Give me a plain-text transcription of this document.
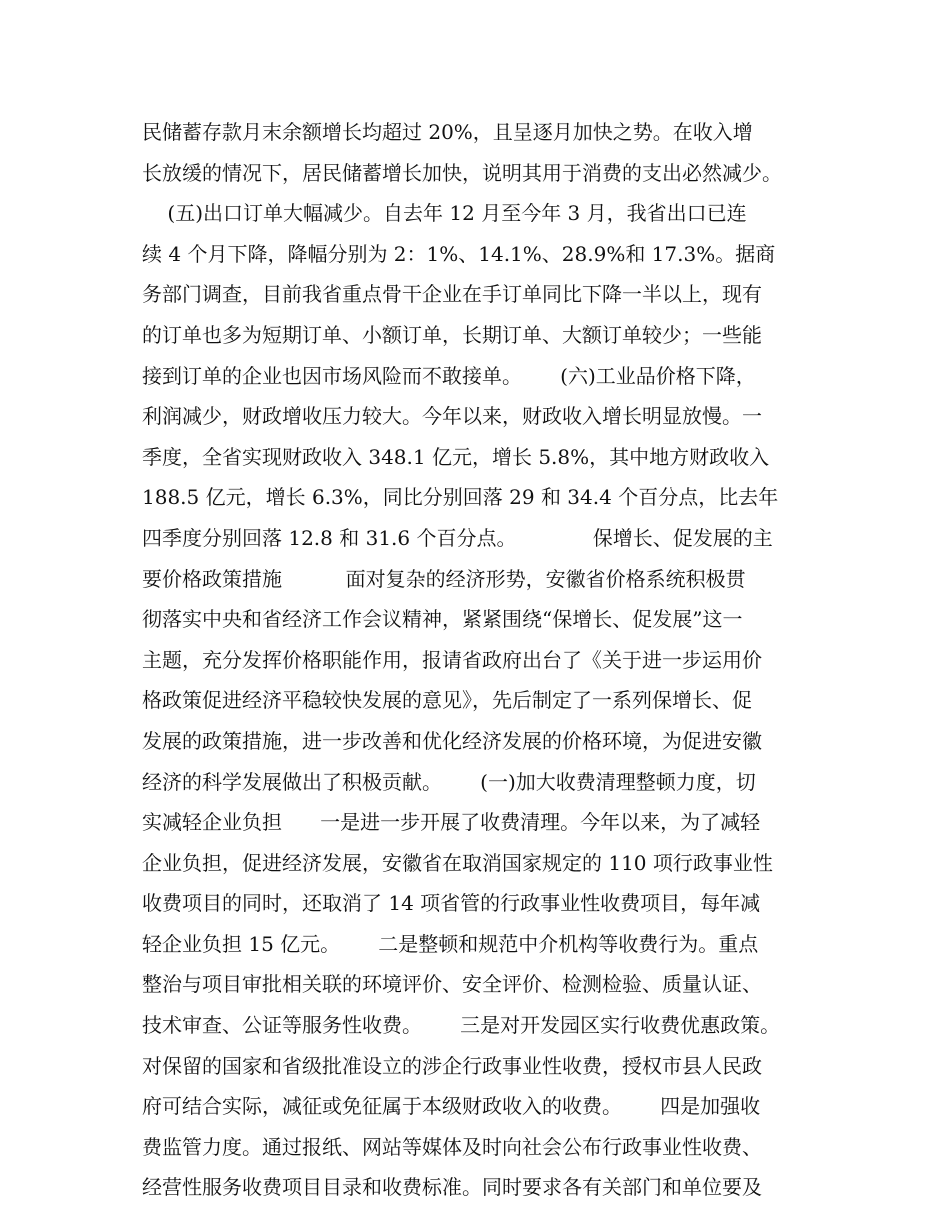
民储蓄存款月末余额增长均超过 20%，且呈逐月加快之势。在收入增
长放缓的情况下，居民储蓄增长加快，说明其用于消费的支出必然减少。
(五)出口订单大幅减少。自去年 12 月至今年 3 月，我省出口已连
续 4 个月下降，降幅分别为 2：1%、14.1%、28.9%和 17.3%。据商
务部门调查，目前我省重点骨干企业在手订单同比下降一半以上，现有
的订单也多为短期订单、小额订单，长期订单、大额订单较少；一些能
接到订单的企业也因市场风险而不敢接单。      (六)工业品价格下降，
利润减少，财政增收压力较大。今年以来，财政收入增长明显放慢。一
季度，全省实现财政收入 348.1 亿元，增长 5.8%，其中地方财政收入
188.5 亿元，增长 6.3%，同比分别回落 29 和 34.4 个百分点，比去年
四季度分别回落 12.8 和 31.6 个百分点。            保增长、促发展的主
要价格政策措施          面对复杂的经济形势，安徽省价格系统积极贯
彻落实中央和省经济工作会议精神，紧紧围绕“保增长、促发展”这一
主题，充分发挥价格职能作用，报请省政府出台了《关于进一步运用价
格政策促进经济平稳较快发展的意见》，先后制定了一系列保增长、促
发展的政策措施，进一步改善和优化经济发展的价格环境，为促进安徽
经济的科学发展做出了积极贡献。      (一)加大收费清理整顿力度，切
实减轻企业负担      一是进一步开展了收费清理。今年以来，为了减轻
企业负担，促进经济发展，安徽省在取消国家规定的 110 项行政事业性
收费项目的同时，还取消了 14 项省管的行政事业性收费项目，每年减
轻企业负担 15 亿元。      二是整顿和规范中介机构等收费行为。重点
整治与项目审批相关联的环境评价、安全评价、检测检验、质量认证、
技术审查、公证等服务性收费。      三是对开发园区实行收费优惠政策。
对保留的国家和省级批准设立的涉企行政事业性收费，授权市县人民政
府可结合实际，减征或免征属于本级财政收入的收费。      四是加强收
费监管力度。通过报纸、网站等媒体及时向社会公布行政事业性收费、
经营性服务收费项目目录和收费标准。同时要求各有关部门和单位要及
